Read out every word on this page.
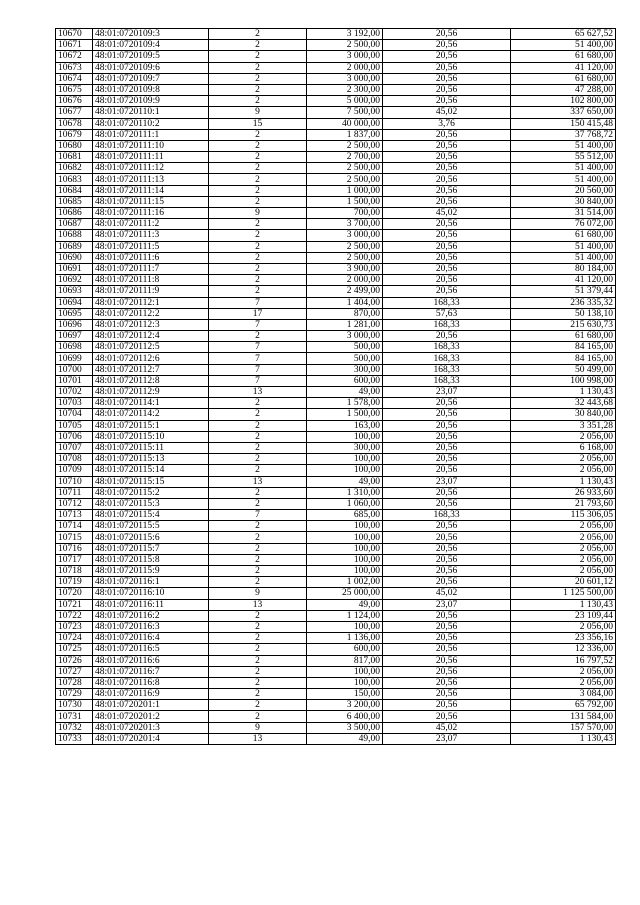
10670	48:01:0720109:3	2	3 192,00	20,56	65 627,52
10671	48:01:0720109:4	2	2 500,00	20,56	51 400,00
10672	48:01:0720109:5	2	3 000,00	20,56	61 680,00
10673	48:01:0720109:6	2	2 000,00	20,56	41 120,00
10674	48:01:0720109:7	2	3 000,00	20,56	61 680,00
10675	48:01:0720109:8	2	2 300,00	20,56	47 288,00
10676	48:01:0720109:9	2	5 000,00	20,56	102 800,00
10677	48:01:0720110:1	9	7 500,00	45,02	337 650,00
10678	48:01:0720110:2	15	40 000,00	3,76	150 415,48
10679	48:01:0720111:1	2	1 837,00	20,56	37 768,72
10680	48:01:0720111:10	2	2 500,00	20,56	51 400,00
10681	48:01:0720111:11	2	2 700,00	20,56	55 512,00
10682	48:01:0720111:12	2	2 500,00	20,56	51 400,00
10683	48:01:0720111:13	2	2 500,00	20,56	51 400,00
10684	48:01:0720111:14	2	1 000,00	20,56	20 560,00
10685	48:01:0720111:15	2	1 500,00	20,56	30 840,00
10686	48:01:0720111:16	9	700,00	45,02	31 514,00
10687	48:01:0720111:2	2	3 700,00	20,56	76 072,00
10688	48:01:0720111:3	2	3 000,00	20,56	61 680,00
10689	48:01:0720111:5	2	2 500,00	20,56	51 400,00
10690	48:01:0720111:6	2	2 500,00	20,56	51 400,00
10691	48:01:0720111:7	2	3 900,00	20,56	80 184,00
10692	48:01:0720111:8	2	2 000,00	20,56	41 120,00
10693	48:01:0720111:9	2	2 499,00	20,56	51 379,44
10694	48:01:0720112:1	7	1 404,00	168,33	236 335,32
10695	48:01:0720112:2	17	870,00	57,63	50 138,10
10696	48:01:0720112:3	7	1 281,00	168,33	215 630,73
10697	48:01:0720112:4	2	3 000,00	20,56	61 680,00
10698	48:01:0720112:5	7	500,00	168,33	84 165,00
10699	48:01:0720112:6	7	500,00	168,33	84 165,00
10700	48:01:0720112:7	7	300,00	168,33	50 499,00
10701	48:01:0720112:8	7	600,00	168,33	100 998,00
10702	48:01:0720112:9	13	49,00	23,07	1 130,43
10703	48:01:0720114:1	2	1 578,00	20,56	32 443,68
10704	48:01:0720114:2	2	1 500,00	20,56	30 840,00
10705	48:01:0720115:1	2	163,00	20,56	3 351,28
10706	48:01:0720115:10	2	100,00	20,56	2 056,00
10707	48:01:0720115:11	2	300,00	20,56	6 168,00
10708	48:01:0720115:13	2	100,00	20,56	2 056,00
10709	48:01:0720115:14	2	100,00	20,56	2 056,00
10710	48:01:0720115:15	13	49,00	23,07	1 130,43
10711	48:01:0720115:2	2	1 310,00	20,56	26 933,60
10712	48:01:0720115:3	2	1 060,00	20,56	21 793,60
10713	48:01:0720115:4	7	685,00	168,33	115 306,05
10714	48:01:0720115:5	2	100,00	20,56	2 056,00
10715	48:01:0720115:6	2	100,00	20,56	2 056,00
10716	48:01:0720115:7	2	100,00	20,56	2 056,00
10717	48:01:0720115:8	2	100,00	20,56	2 056,00
10718	48:01:0720115:9	2	100,00	20,56	2 056,00
10719	48:01:0720116:1	2	1 002,00	20,56	20 601,12
10720	48:01:0720116:10	9	25 000,00	45,02	1 125 500,00
10721	48:01:0720116:11	13	49,00	23,07	1 130,43
10722	48:01:0720116:2	2	1 124,00	20,56	23 109,44
10723	48:01:0720116:3	2	100,00	20,56	2 056,00
10724	48:01:0720116:4	2	1 136,00	20,56	23 356,16
10725	48:01:0720116:5	2	600,00	20,56	12 336,00
10726	48:01:0720116:6	2	817,00	20,56	16 797,52
10727	48:01:0720116:7	2	100,00	20,56	2 056,00
10728	48:01:0720116:8	2	100,00	20,56	2 056,00
10729	48:01:0720116:9	2	150,00	20,56	3 084,00
10730	48:01:0720201:1	2	3 200,00	20,56	65 792,00
10731	48:01:0720201:2	2	6 400,00	20,56	131 584,00
10732	48:01:0720201:3	9	3 500,00	45,02	157 570,00
10733	48:01:0720201:4	13	49,00	23,07	1 130,43
